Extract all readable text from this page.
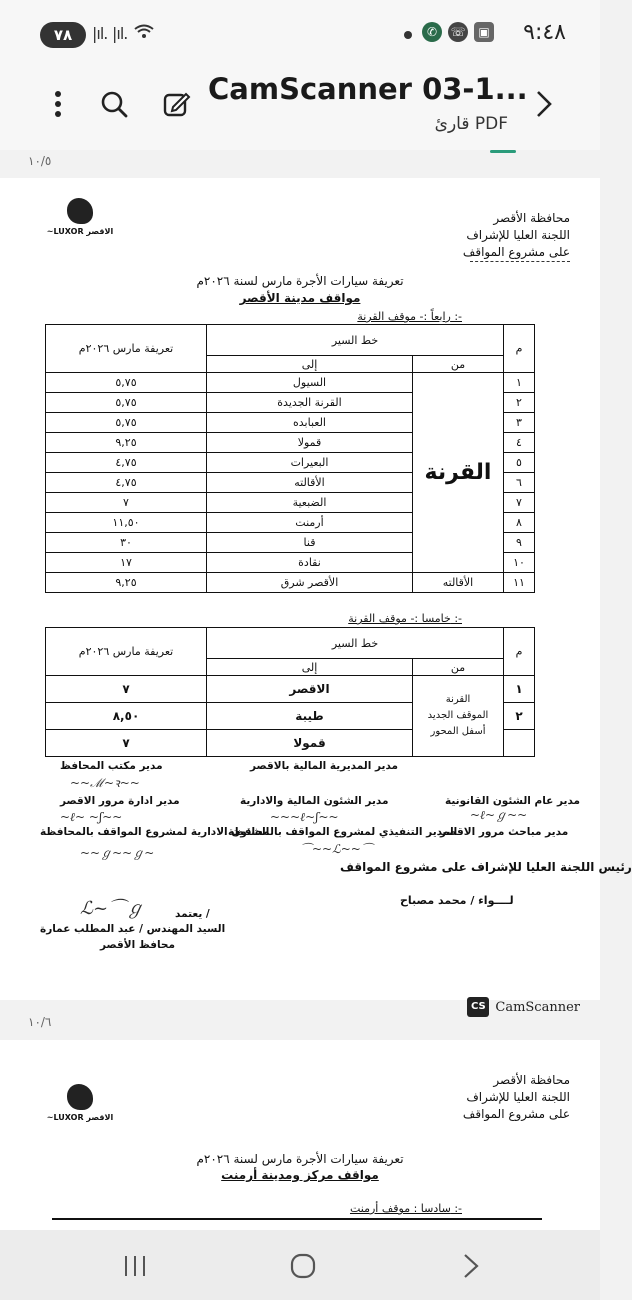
٧٨	|ıl. |ıl.	✆	☏	▣ ٩:٤٨
CamScanner 03-1...
قارئ PDF
١٠/٥
~LUXOR الاقصر
محافظة الأقصر
اللجنة العليا للإشراف
على مشروع المواقف
تعريفة سيارات الأجرة مارس لسنة ٢٠٢٦م
مواقف مدينة الأقصر
رابعاً :- موقف القرنة :-
م	خط السير		تعريفة مارس ٢٠٢٦م
	من	إلى	
١	القرنة	السيول	٥,٧٥
٢		القرنة الجديدة	٥,٧٥
٣		العبابده	٥,٧٥
٤		قمولا	٩,٢٥
٥		البعيرات	٤,٧٥
٦		الأقالته	٤,٧٥
٧		الضبعية	٧
٨		أرمنت	١١,٥٠
٩		قنا	٣٠
١٠		نقادة	١٧
١١	الأقالته	الأقصر شرق	٩,٢٥
خامسا :- موقف القرنة :-
م	خط السير		تعريفة مارس ٢٠٢٦م
	من	إلى	
١	القرنة
الموقف الجديد
أسفل المحور	الاقصر	٧
٢		طيبة	٨,٥٠
		قمولا	٧
مدير مكتب المحافظ	مدير المديرية المالية بالاقصر
~~ℳ~ꝛ~~
مدير ادارة مرور الاقصر	مدير الشئون المالية والادارية	مدير عام الشئون القانونية
~ℓ~ ~ʃ~~	~~~ℓ~ʃ~~	~ℓ~ℊ~~
الشئون الادارية لمشروع المواقف بالمحافظة
المدير التنفيذي لمشروع المواقف بالمحافظة
مدير مباحث مرور الاقصر
~~ℊ~~ℊ~	⌒~~ℒ~~⌒
رئيس اللجنة العليا للإشراف على مشروع المواقف
لــــواء / محمد مصباح
ℒ~⌒ℊ	يعتمد /
السيد المهندس / عبد المطلب عمارة
محافظ الأقصر
CS CamScanner
١٠/٦
~LUXOR الاقصر
محافظة الأقصر
اللجنة العليا للإشراف
على مشروع المواقف
تعريفة سيارات الأجرة مارس لسنة ٢٠٢٦م
مواقف مركز ومدينة أرمنت
سادسا : موقف أرمنت :-
